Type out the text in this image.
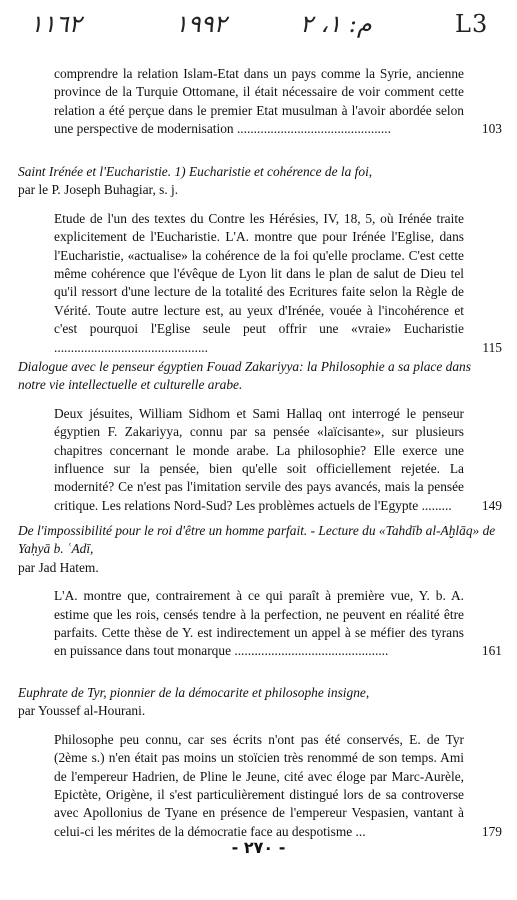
١١٦٢	١٩٩٢	م: ١، ٢	L3
comprendre la relation Islam-Etat dans un pays comme la Syrie, ancienne province de la Turquie Ottomane, il était nécessaire de voir comment cette relation a été perçue dans le premier Etat musulman à l'avoir abordée selon une perspective de modernisation ..............................................	103
Saint Irénée et l'Eucharistie. 1) Eucharistie et cohérence de la foi,
par le P. Joseph Buhagiar, s. j.
Etude de l'un des textes du Contre les Hérésies, IV, 18, 5, où Irénée traite explicitement de l'Eucharistie. L'A. montre que pour Irénée l'Eglise, dans l'Eucharistie, «actualise» la cohérence de la foi qu'elle proclame. C'est cette même cohérence que l'évêque de Lyon lit dans le plan de salut de Dieu tel qu'il ressort d'une lecture de la totalité des Ecritures faite selon la Règle de Vérité. Toute autre lecture est, au yeux d'Irénée, vouée à l'incohérence et c'est pourquoi l'Eglise seule peut offrir une «vraie» Eucharistie ..............................................	115
Dialogue avec le penseur égyptien Fouad Zakariyya: la Philosophie a sa place dans notre vie intellectuelle et culturelle arabe.
Deux jésuites, William Sidhom et Sami Hallaq ont interrogé le penseur égyptien F. Zakariyya, connu par sa pensée «laïcisante», sur plusieurs chapitres concernant le monde arabe. La philosophie? Elle exerce une influence sur la pensée, bien qu'elle soit officiellement rejetée. La modernité? Ce n'est pas l'imitation servile des pays avancés, mais la pensée critique. Les relations Nord-Sud? Les problèmes actuels de l'Egypte ......... 149
De l'impossibilité pour le roi d'être un homme parfait. - Lecture du «Tahdīb al-Aḫlāq» de Yaḥyā b. ʿAdī,
par Jad Hatem.
L'A. montre que, contrairement à ce qui paraît à première vue, Y. b. A. estime que les rois, censés tendre à la perfection, ne peuvent en réalité être parfaits. Cette thèse de Y. est indirectement un appel à se méfier des tyrans en puissance dans tout monarque ..............................................	161
Euphrate de Tyr, pionnier de la démocarite et philosophe insigne,
par Youssef al-Hourani.
Philosophe peu connu, car ses écrits n'ont pas été conservés, E. de Tyr (2ème s.) n'en était pas moins un stoïcien très renommé de son temps. Ami de l'empereur Hadrien, de Pline le Jeune, cité avec éloge par Marc-Aurèle, Epictète, Origène, il s'est particulièrement distingué lors de sa controverse avec Apollonius de Tyane en présence de l'empereur Vespasien, vantant à celui-ci les mérites de la démocratie face au despotisme ...	179
- ٢٧٠ -
